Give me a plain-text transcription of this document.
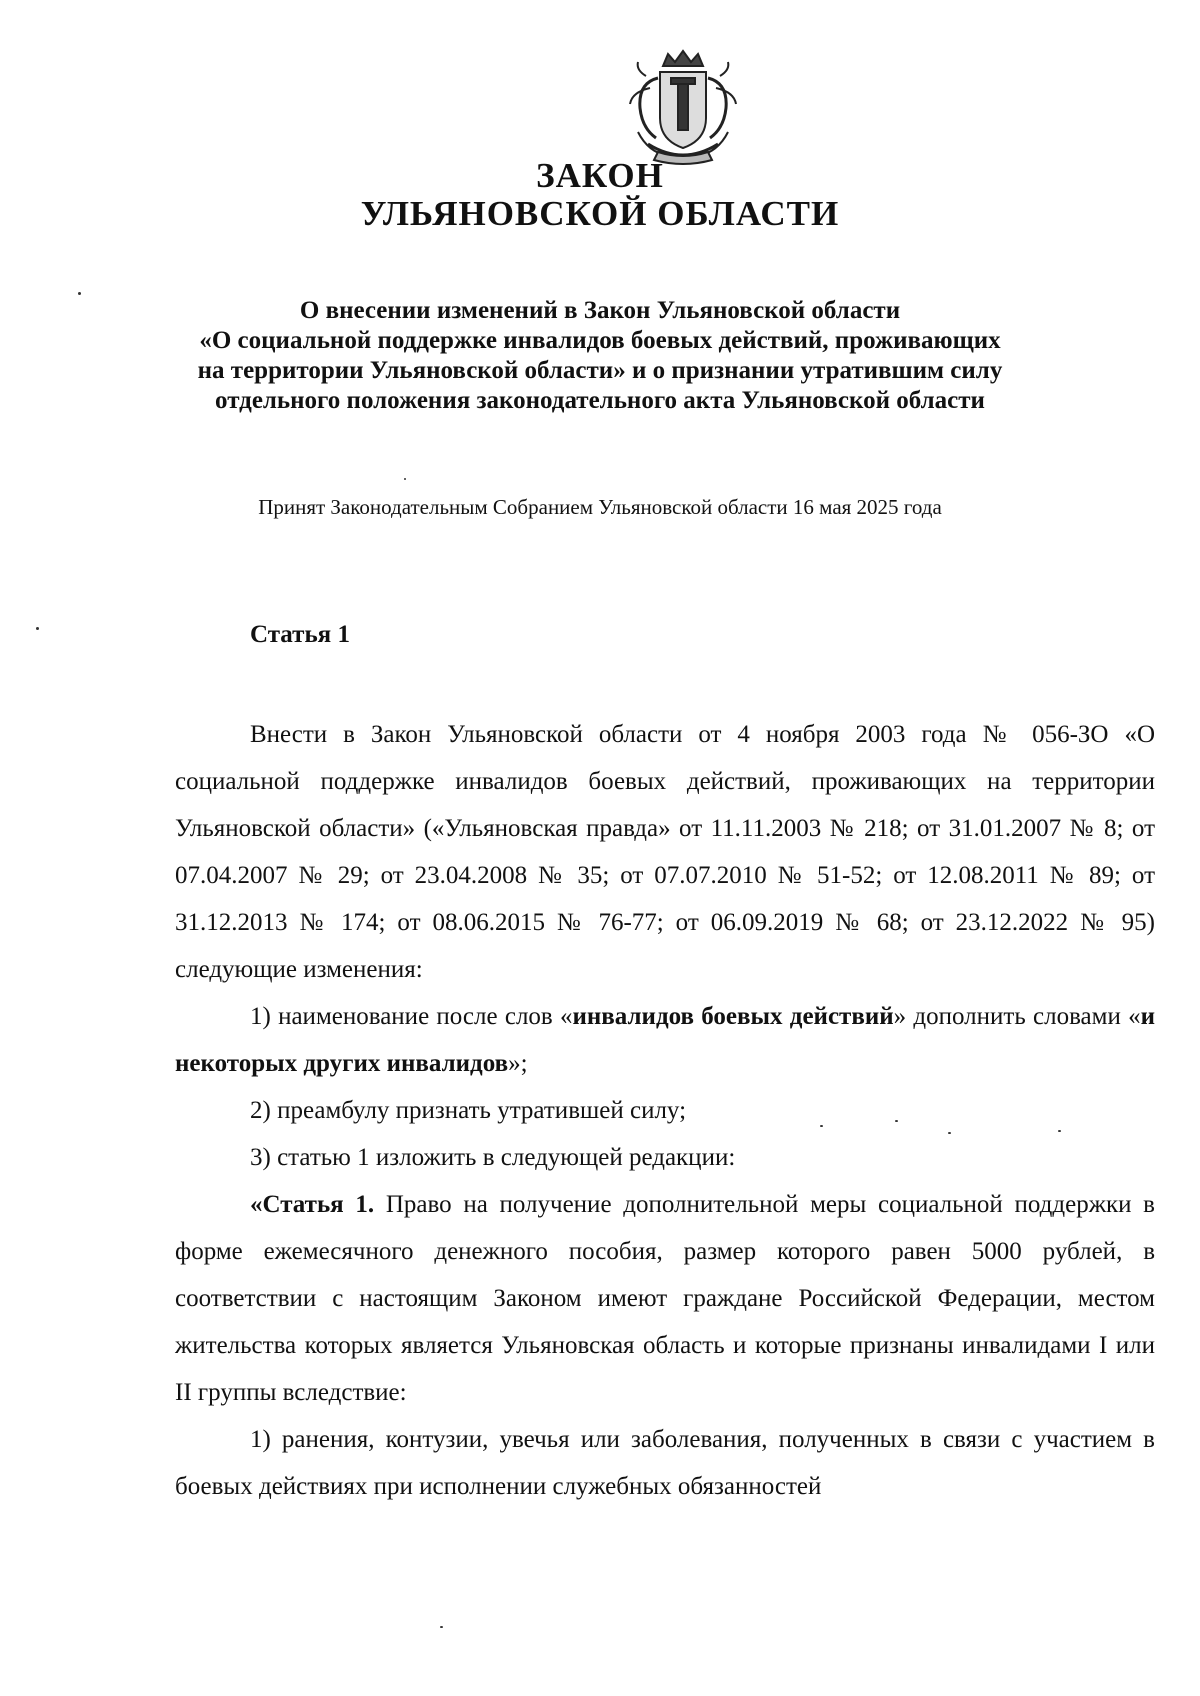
ЗАКОН
УЛЬЯНОВСКОЙ ОБЛАСТИ
О внесении изменений в Закон Ульяновской области
«О социальной поддержке инвалидов боевых действий, проживающих
на территории Ульяновской области» и о признании утратившим силу
отдельного положения законодательного акта Ульяновской области
Принят Законодательным Собранием Ульяновской области 16 мая 2025 года
Статья 1

Внести в Закон Ульяновской области от 4 ноября 2003 года № 056-ЗО «О социальной поддержке инвалидов боевых действий, проживающих на территории Ульяновской области» («Ульяновская правда» от 11.11.2003 № 218; от 31.01.2007 № 8; от 07.04.2007 № 29; от 23.04.2008 № 35; от 07.07.2010 № 51-52; от 12.08.2011 № 89; от 31.12.2013 № 174; от 08.06.2015 № 76-77; от 06.09.2019 № 68; от 23.12.2022 № 95) следующие изменения:

1) наименование после слов «инвалидов боевых действий» дополнить словами «и некоторых других инвалидов»;

2) преамбулу признать утратившей силу;

3) статью 1 изложить в следующей редакции:

«Статья 1. Право на получение дополнительной меры социальной поддержки в форме ежемесячного денежного пособия, размер которого равен 5000 рублей, в соответствии с настоящим Законом имеют граждане Российской Федерации, местом жительства которых является Ульяновская область и которые признаны инвалидами I или II группы вследствие:

1) ранения, контузии, увечья или заболевания, полученных в связи с участием в боевых действиях при исполнении служебных обязанностей
